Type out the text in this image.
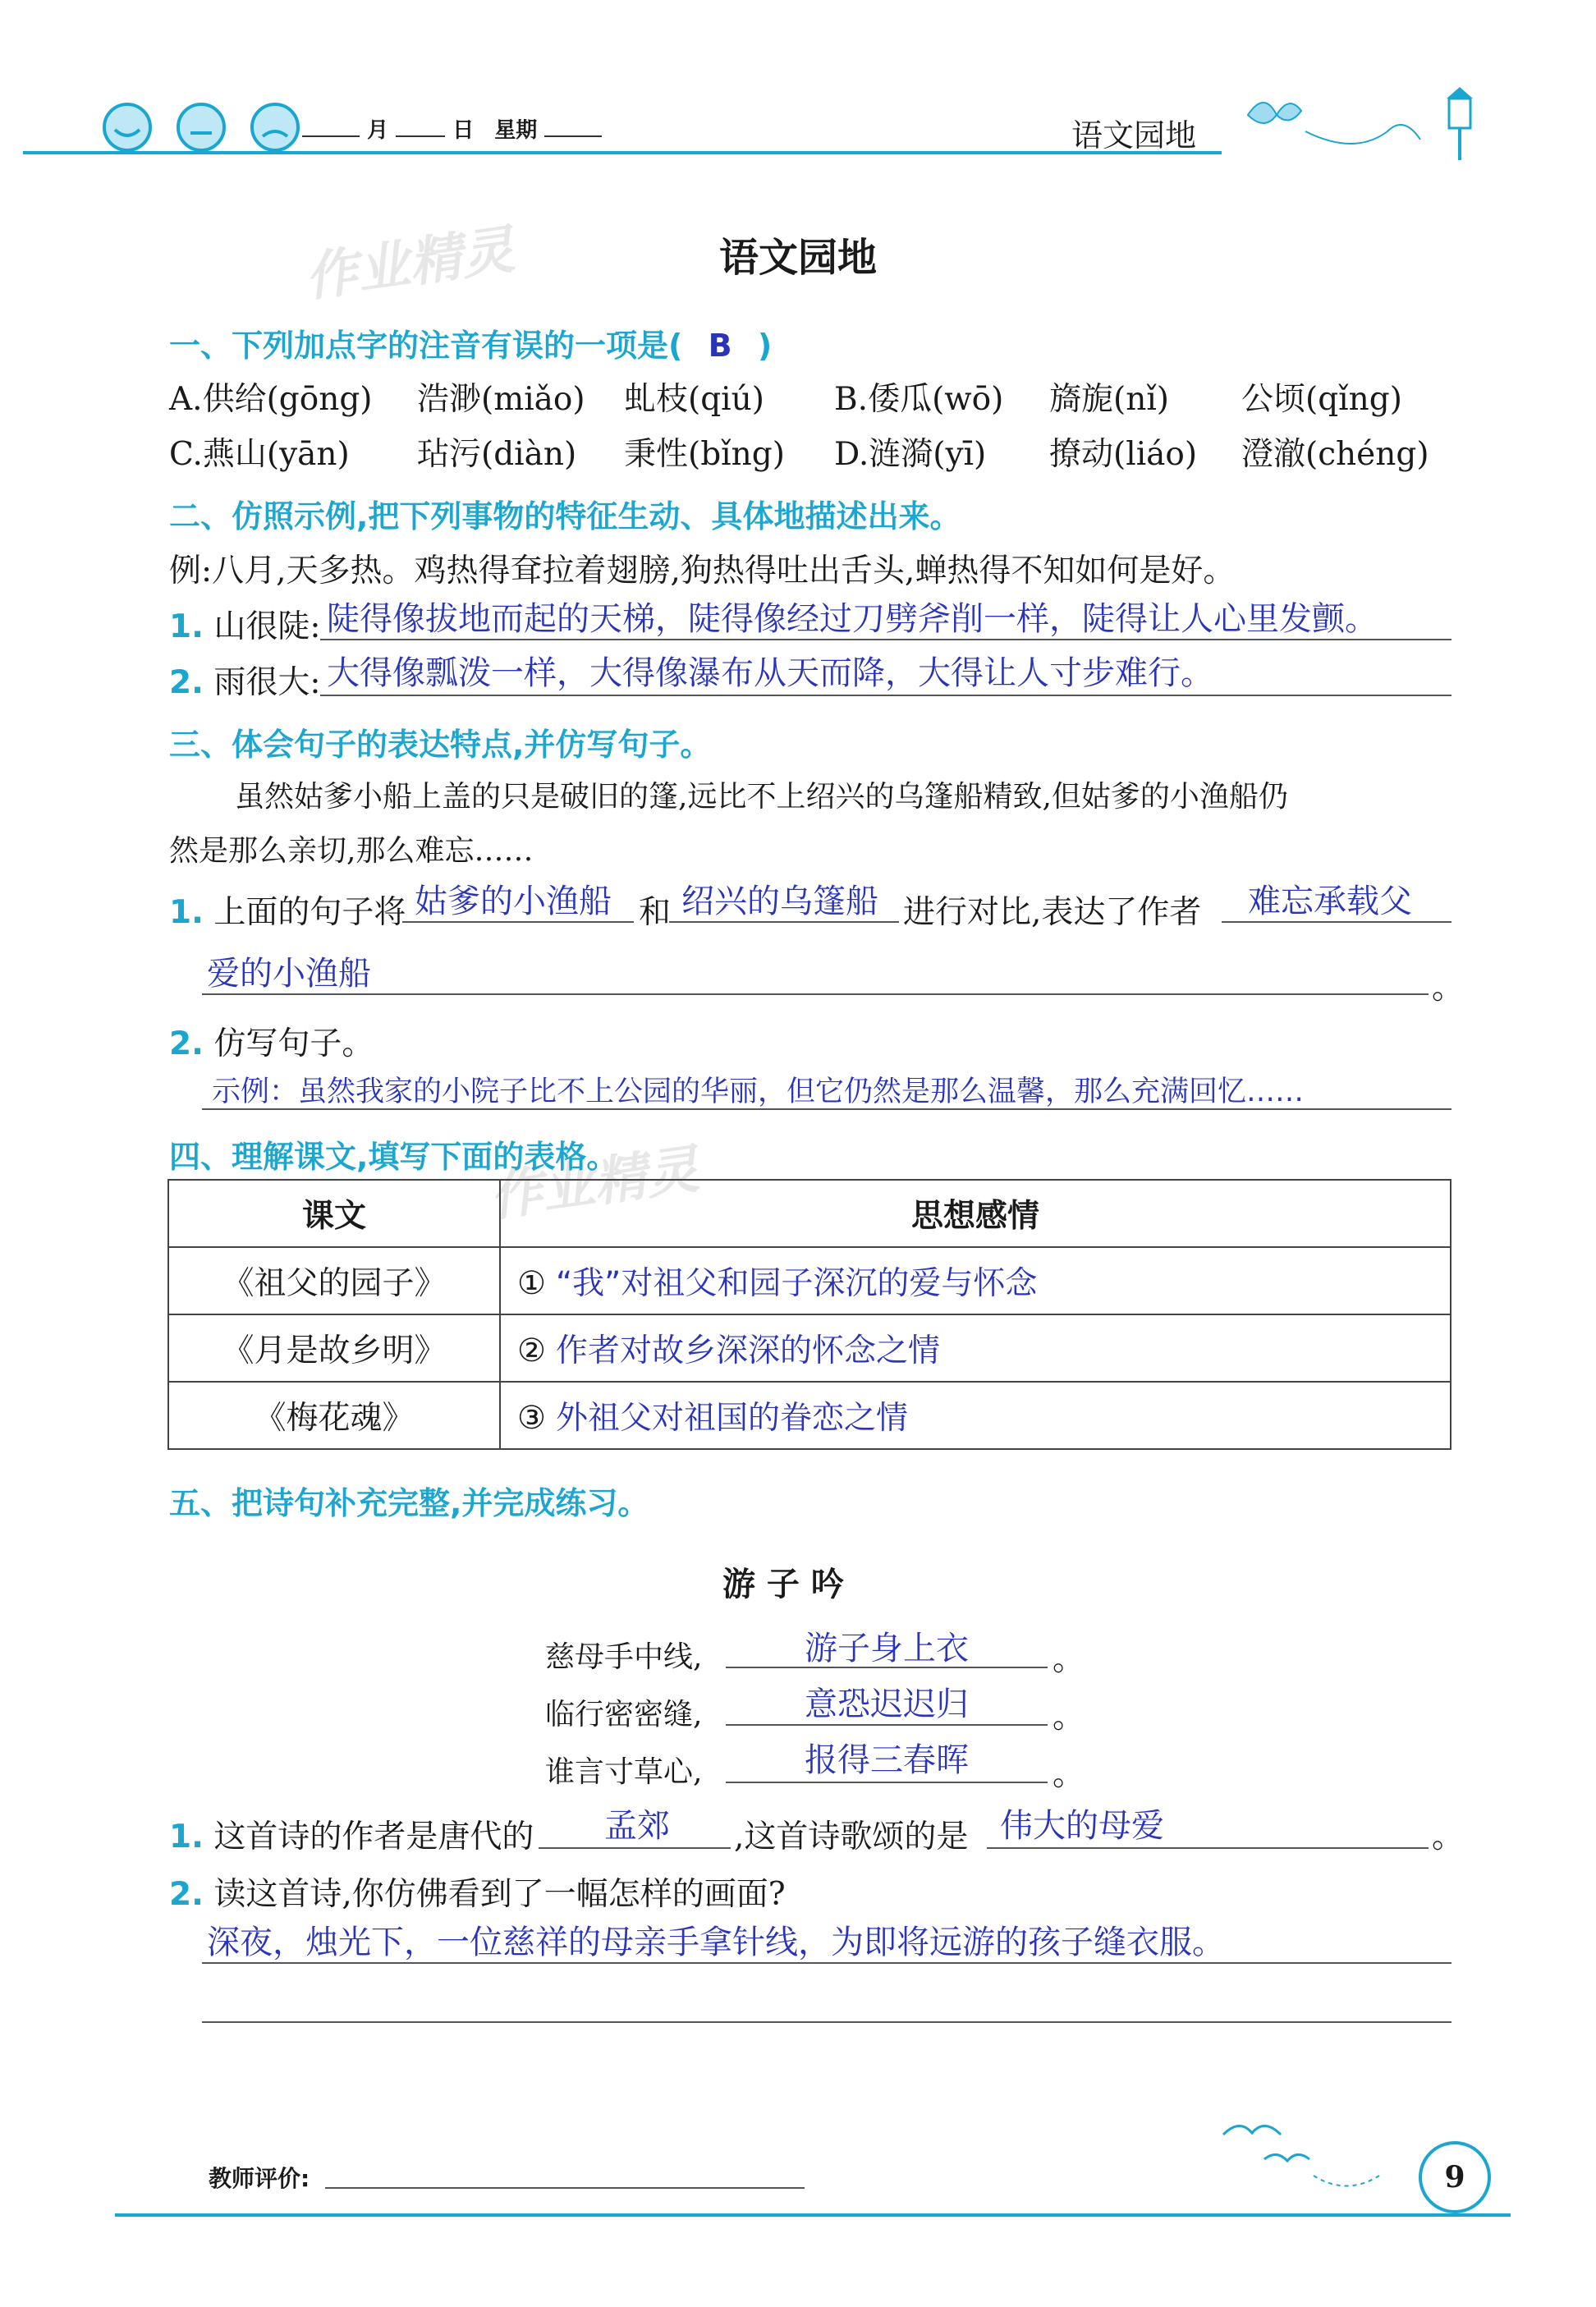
月	日 星期	语文园地
作业精灵
作业精灵
语文园地
一、下列加点字的注音有误的一项是( B )
A.供给(gōng) 浩渺(miǎo) 虬枝(qiú) B.倭瓜(wō) 旖旎(nǐ) 公顷(qǐng)
C.燕山(yān) 玷污(diàn) 秉性(bǐng) D.涟漪(yī) 撩动(liáo) 澄澈(chéng)
二、仿照示例,把下列事物的特征生动、具体地描述出来。
例:八月,天多热。鸡热得耷拉着翅膀,狗热得吐出舌头,蝉热得不知如何是好。
1. 山很陡: 陡得像拔地而起的天梯，陡得像经过刀劈斧削一样，陡得让人心里发颤。
2. 雨很大: 大得像瓢泼一样，大得像瀑布从天而降，大得让人寸步难行。
三、体会句子的表达特点,并仿写句子。
虽然姑爹小船上盖的只是破旧的篷,远比不上绍兴的乌篷船精致,但姑爹的小渔船仍
然是那么亲切,那么难忘……
1. 上面的句子将 姑爹的小渔船 和 绍兴的乌篷船 进行对比,表达了作者 难忘承载父
爱的小渔船	。
2. 仿写句子。
示例：虽然我家的小院子比不上公园的华丽，但它仍然是那么温馨，那么充满回忆……
四、理解课文,填写下面的表格。
课文	思想感情
《祖父的园子》	① “我”对祖父和园子深沉的爱与怀念
《月是故乡明》	② 作者对故乡深深的怀念之情
《梅花魂》	③ 外祖父对祖国的眷恋之情
五、把诗句补充完整,并完成练习。
游 子 吟
慈母手中线,	游子身上衣	。
临行密密缝,	意恐迟迟归	。
谁言寸草心,	报得三春晖	。
1. 这首诗的作者是唐代的 孟郊 ,这首诗歌颂的是 伟大的母爱	。
2. 读这首诗,你仿佛看到了一幅怎样的画面?
深夜，烛光下，一位慈祥的母亲手拿针线，为即将远游的孩子缝衣服。
教师评价:	9
